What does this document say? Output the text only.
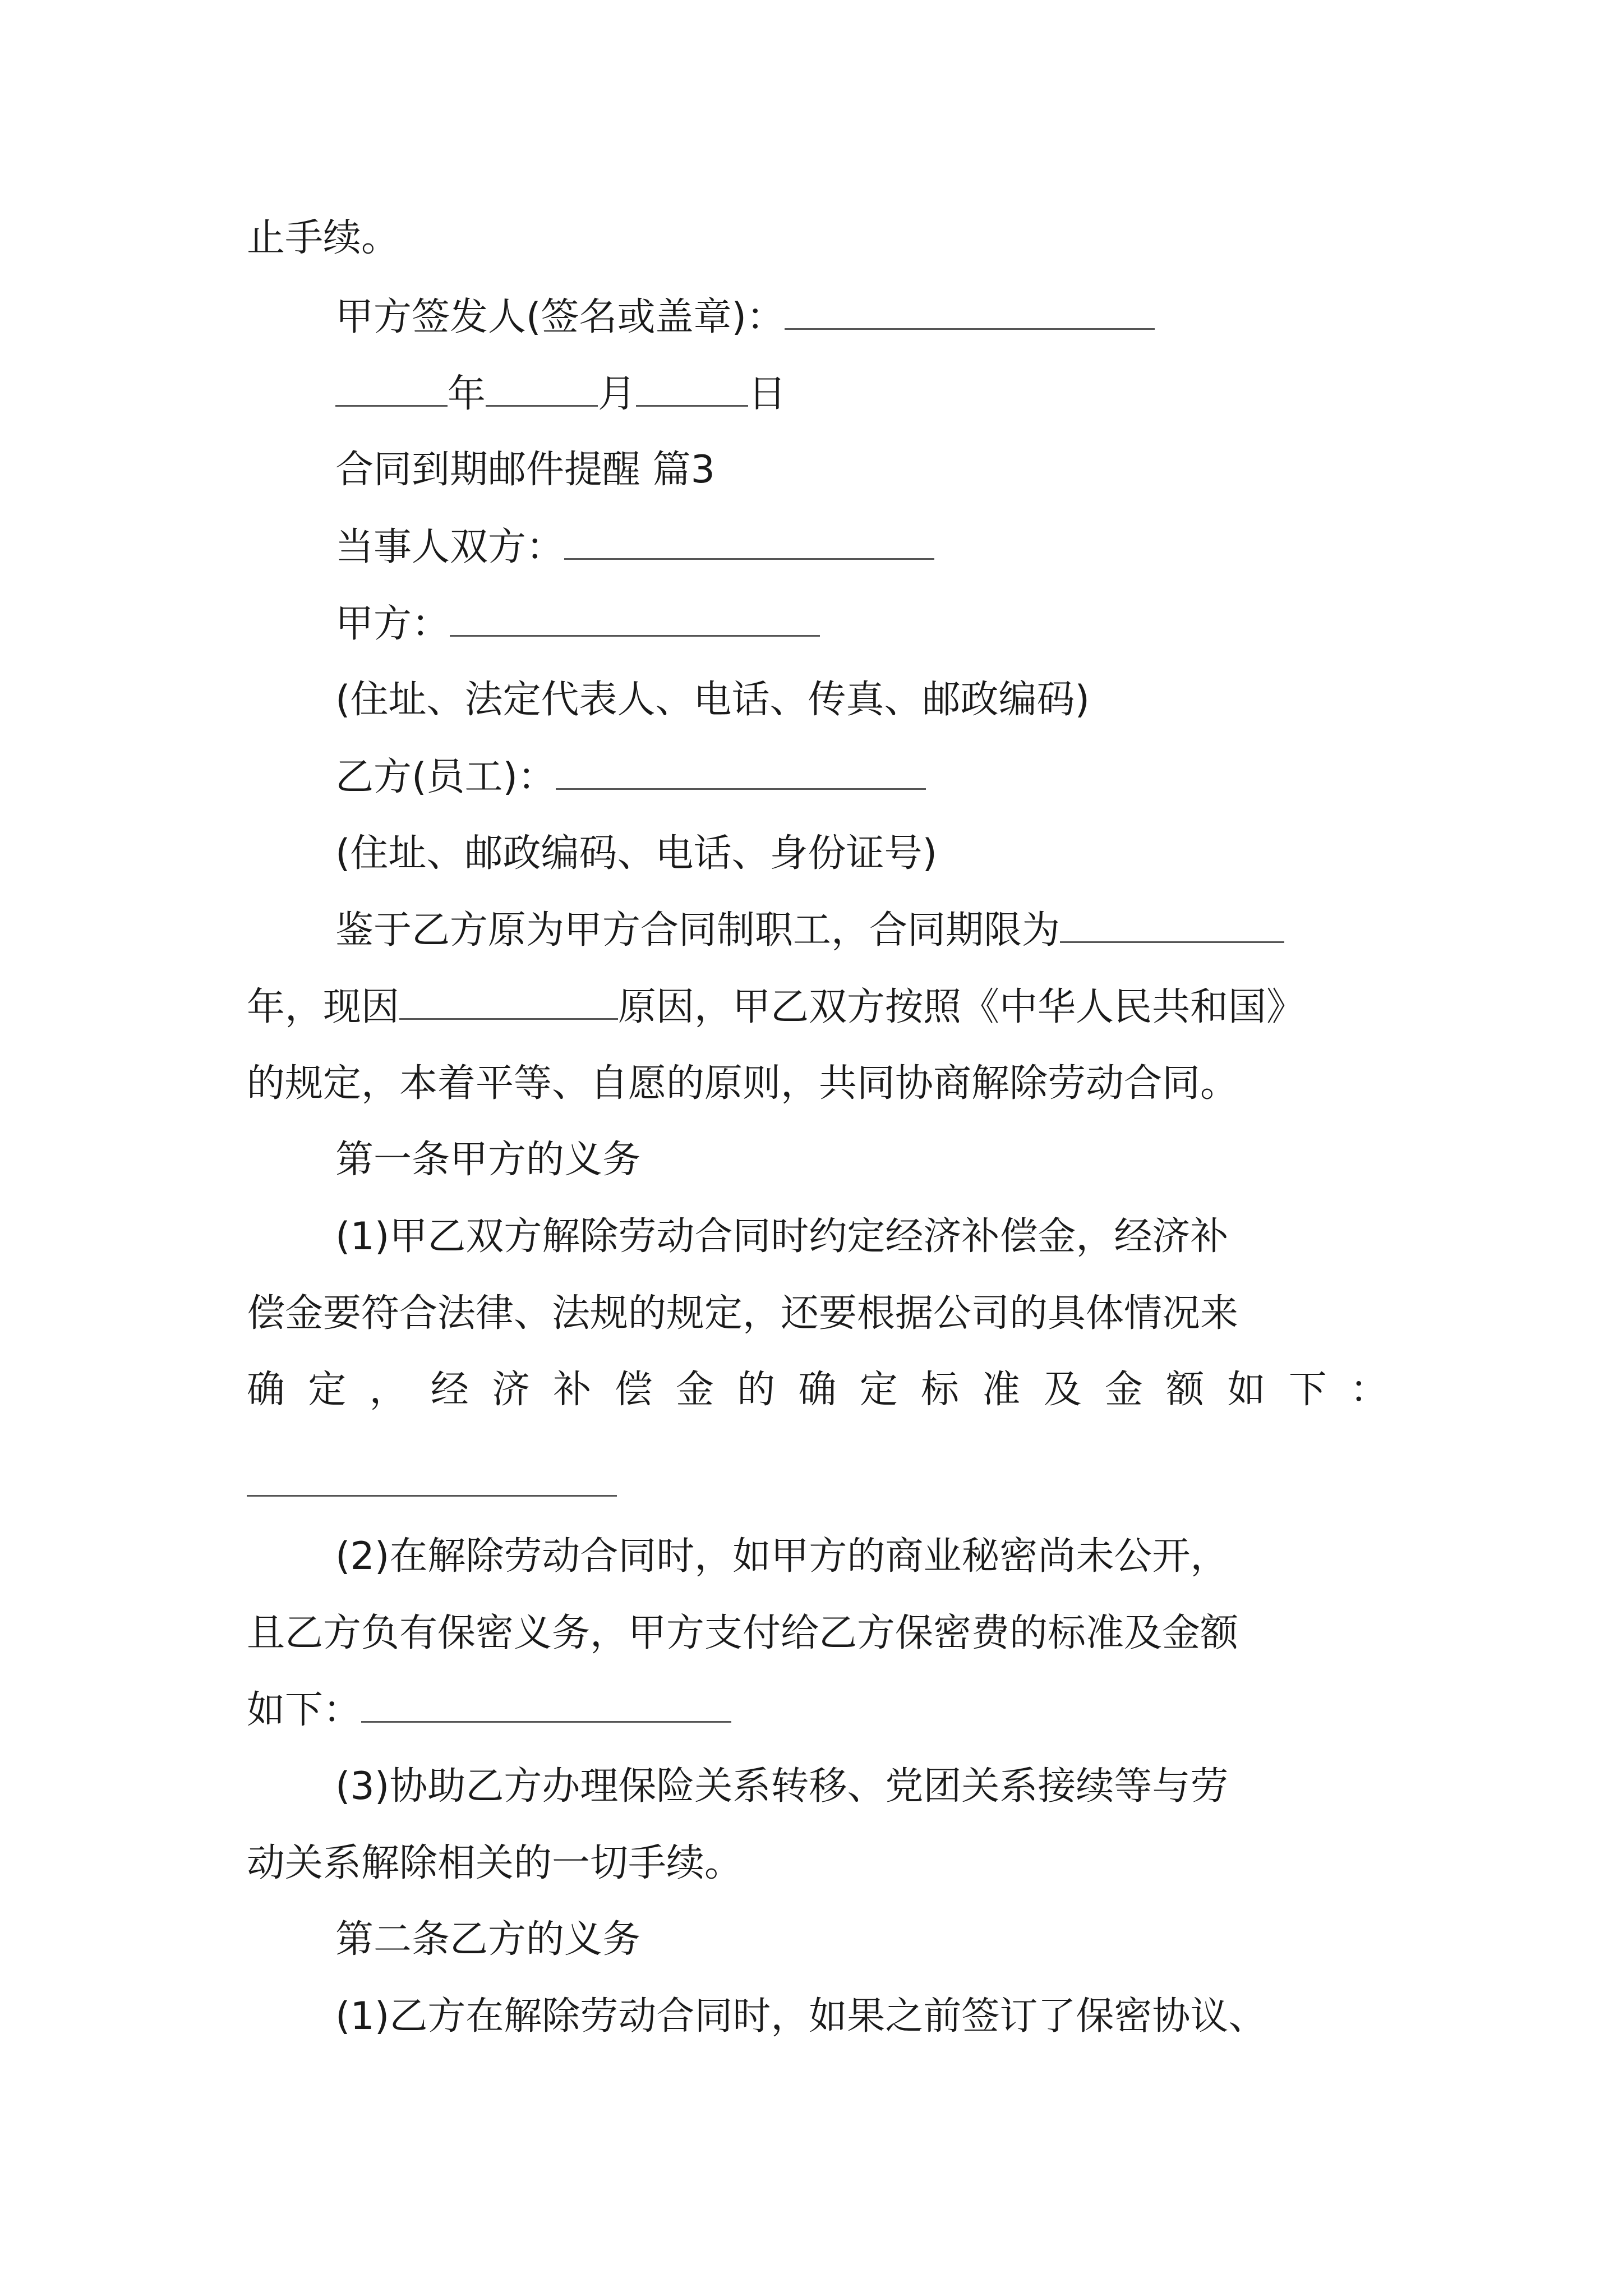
止手续。
甲方签发人(签名或盖章)：
年	月	日
合同到期邮件提醒 篇3
当事人双方：
甲方：
(住址、法定代表人、电话、传真、邮政编码)
乙方(员工)：
(住址、邮政编码、电话、身份证号)
鉴于乙方原为甲方合同制职工，合同期限为
年，现因	原因，甲乙双方按照《中华人民共和国》
的规定，本着平等、自愿的原则，共同协商解除劳动合同。
第一条甲方的义务
(1)甲乙双方解除劳动合同时约定经济补偿金，经济补
偿金要符合法律、法规的规定，还要根据公司的具体情况来
确定，经济补偿金的确定标准及金额如下：
(2)在解除劳动合同时，如甲方的商业秘密尚未公开，
且乙方负有保密义务，甲方支付给乙方保密费的标准及金额
如下：
(3)协助乙方办理保险关系转移、党团关系接续等与劳
动关系解除相关的一切手续。
第二条乙方的义务
(1)乙方在解除劳动合同时，如果之前签订了保密协议、
